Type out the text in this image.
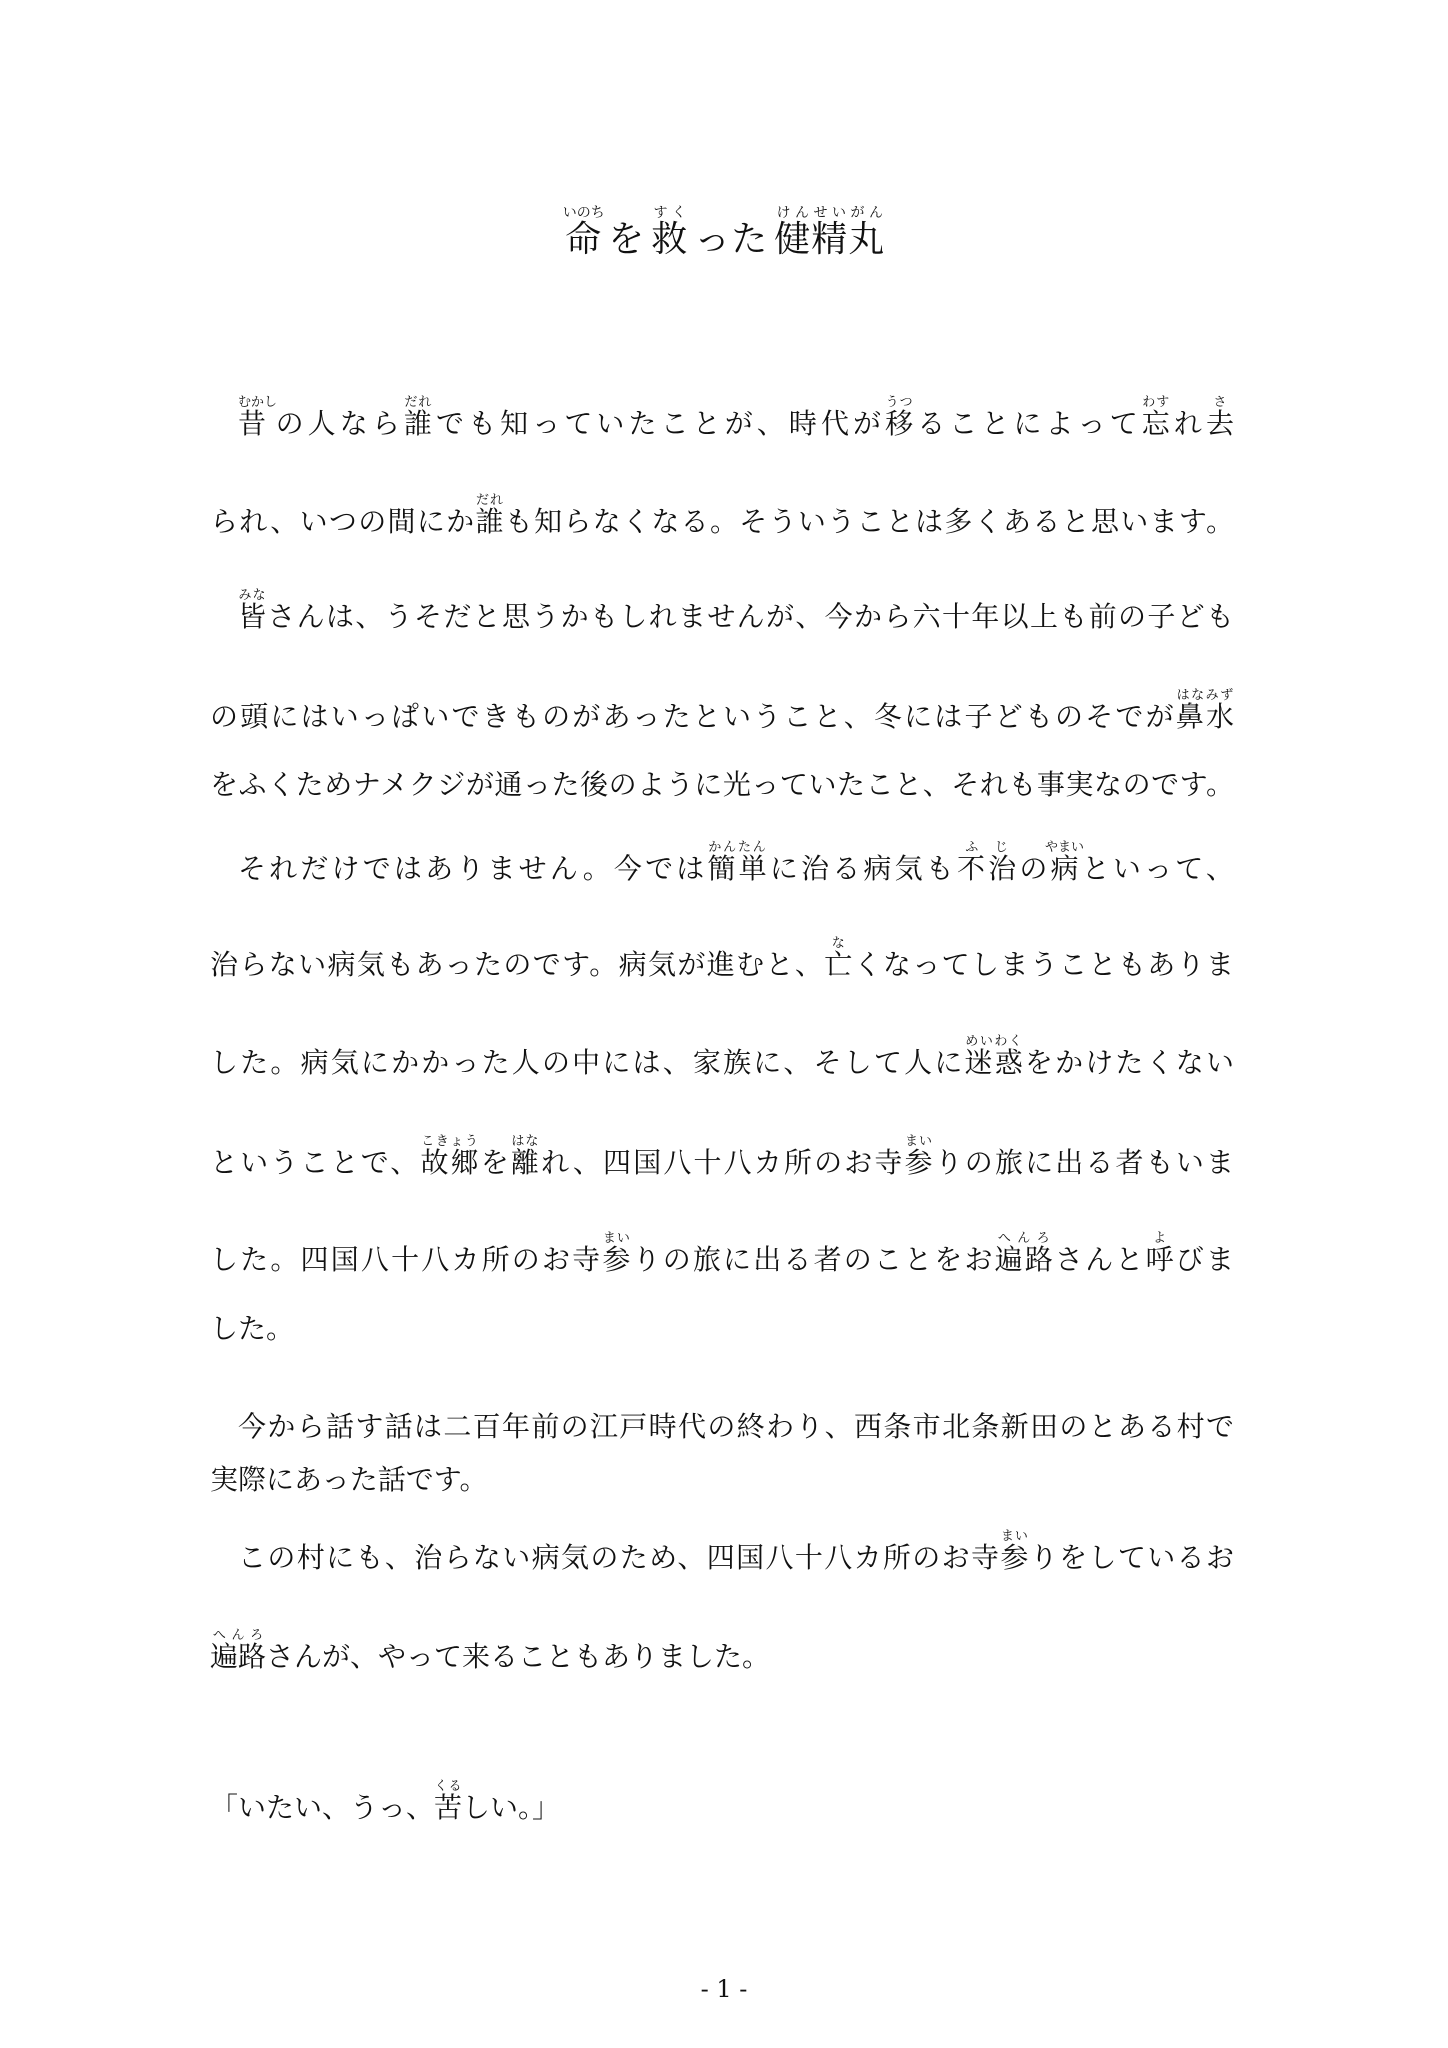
命いのちを 救すくった 健精丸けんせいがん
昔むかしの人なら誰だれでも知っていたことが、時代が移うつることによって忘わすれ去さ
られ、いつの間にか誰だれも知らなくなる。そういうことは多くあると思います。
皆みなさんは、うそだと思うかもしれませんが、今から六十年以上も前の子ども
の頭にはいっぱいできものがあったということ、冬には子どものそでが鼻水はなみず
をふくためナメクジが通った後のように光っていたこと、それも事実なのです。
それだけではありません。今では簡単かんたんに治る病気も不治ふじの病やまいといって、
治らない病気もあったのです。病気が進むと、亡なくなってしまうこともありま
した。病気にかかった人の中には、家族に、そして人に迷惑めいわくをかけたくない
ということで、故郷こきょうを離はなれ、四国八十八カ所のお寺参まいりの旅に出る者もいま
した。四国八十八カ所のお寺参まいりの旅に出る者のことをお遍路へんろさんと呼よびま
した。
今から話す話は二百年前の江戸時代の終わり、西条市北条新田のとある村で
実際にあった話です。
この村にも、治らない病気のため、四国八十八カ所のお寺参まいりをしているお
遍路へんろさんが、やって来ることもありました。
「いたい、うっ、苦くるしい。」
- 1 -
